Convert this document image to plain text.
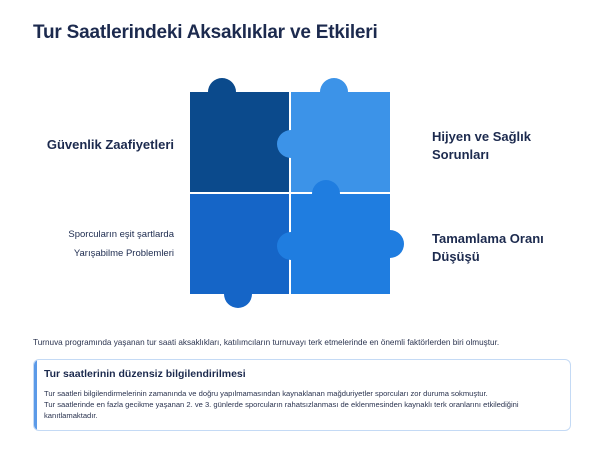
Tur Saatlerindeki Aksaklıklar ve Etkileri
Güvenlik Zaafiyetleri
Hijyen ve Sağlık
Sorunları
Sporcuların eşit şartlarda
Yarışabilme Problemleri
Tamamlama Oranı
Düşüşü
Turnuva programında yaşanan tur saati aksaklıkları, katılımcıların turnuvayı terk etmelerinde en önemli faktörlerden biri olmuştur.
Tur saatlerinin düzensiz bilgilendirilmesi
Tur saatleri bilgilendirmelerinin zamanında ve doğru yapılmamasından kaynaklanan mağduriyetler sporcuları zor duruma sokmuştur.
Tur saatlerinde en fazla gecikme yaşanan 2. ve 3. günlerde sporcuların rahatsızlanması de eklenmesinden kaynaklı terk oranlarını etkilediğini
kanıtlamaktadır.
